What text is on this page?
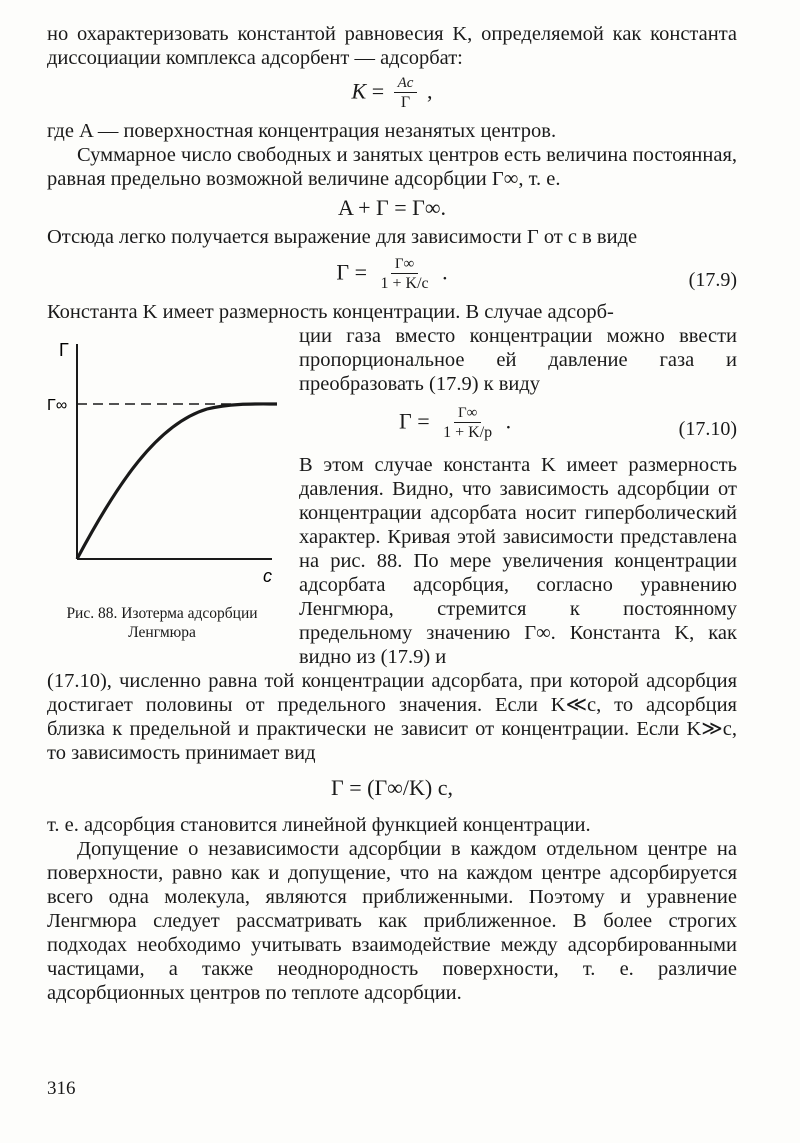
но охарактеризовать константой равновесия K, определяемой как константа диссоциации комплекса адсорбент — адсорбат:

$K = \frac{Ac}{\Gamma}$ ,

где A — поверхностная концентрация незанятых центров.

Суммарное число свободных и занятых центров есть величина постоянная, равная предельно возможной величине адсорбции Γ∞, т. е.

A + Γ = Γ∞.

Отсюда легко получается выражение для зависимости Γ от c в виде

$\Gamma = \frac{\Gamma\infty}{1 + K/c}$ .	(17.9)

Константа K имеет размерность концентрации. В случае адсорб-

Γ
Γ∞
c
Рис. 88. Изотерма адсорбции Ленгмюра

ции газа вместо концентрации можно ввести пропорциональное ей давление газа и преобразовать (17.9) к виду

$\Gamma = \frac{\Gamma\infty}{1 + K/p}$ .	(17.10)

В этом случае константа K имеет размерность давления. Видно, что зависимость адсорбции от концентрации адсорбата носит гиперболический характер. Кривая этой зависимости представлена на рис. 88. По мере увеличения концентрации адсорбата адсорбция, согласно уравнению Ленгмюра, стремится к постоянному предельному значению Γ∞. Константа K, как видно из (17.9) и

(17.10), численно равна той концентрации адсорбата, при которой адсорбция достигает половины от предельного значения. Если K≪c, то адсорбция близка к предельной и практически не зависит от концентрации. Если K≫c, то зависимость принимает вид

Γ = (Γ∞/K) c,

т. е. адсорбция становится линейной функцией концентрации.

Допущение о независимости адсорбции в каждом отдельном центре на поверхности, равно как и допущение, что на каждом центре адсорбируется всего одна молекула, являются приближенными. Поэтому и уравнение Ленгмюра следует рассматривать как приближенное. В более строгих подходах необходимо учитывать взаимодействие между адсорбированными частицами, а также неоднородность поверхности, т. е. различие адсорбционных центров по теплоте адсорбции.

316
